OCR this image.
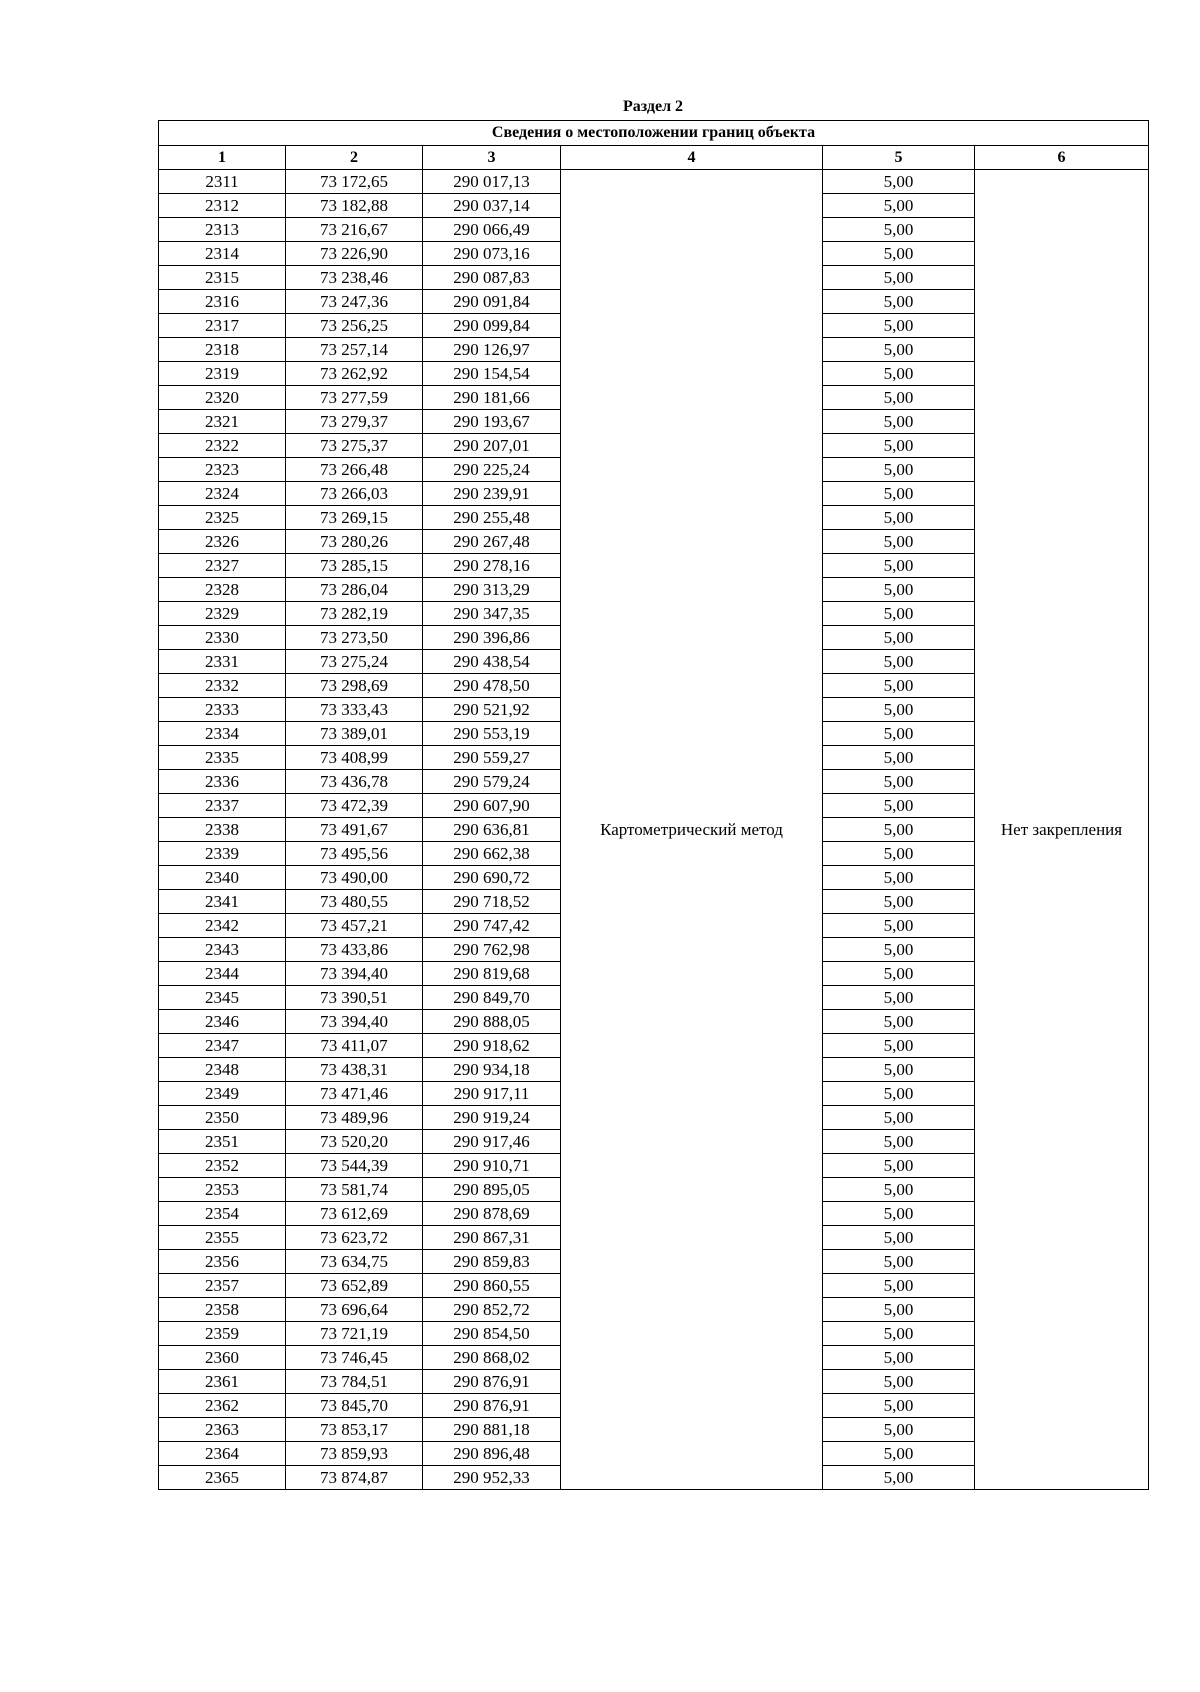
Раздел 2
Сведения о местоположении границ объекта					
1	2	3	4	5	6
2311	73 172,65	290 017,13	Картометрический метод	5,00	Нет закрепления
2312	73 182,88	290 037,14		5,00	
2313	73 216,67	290 066,49		5,00	
2314	73 226,90	290 073,16		5,00	
2315	73 238,46	290 087,83		5,00	
2316	73 247,36	290 091,84		5,00	
2317	73 256,25	290 099,84		5,00	
2318	73 257,14	290 126,97		5,00	
2319	73 262,92	290 154,54		5,00	
2320	73 277,59	290 181,66		5,00	
2321	73 279,37	290 193,67		5,00	
2322	73 275,37	290 207,01		5,00	
2323	73 266,48	290 225,24		5,00	
2324	73 266,03	290 239,91		5,00	
2325	73 269,15	290 255,48		5,00	
2326	73 280,26	290 267,48		5,00	
2327	73 285,15	290 278,16		5,00	
2328	73 286,04	290 313,29		5,00	
2329	73 282,19	290 347,35		5,00	
2330	73 273,50	290 396,86		5,00	
2331	73 275,24	290 438,54		5,00	
2332	73 298,69	290 478,50		5,00	
2333	73 333,43	290 521,92		5,00	
2334	73 389,01	290 553,19		5,00	
2335	73 408,99	290 559,27		5,00	
2336	73 436,78	290 579,24		5,00	
2337	73 472,39	290 607,90		5,00	
2338	73 491,67	290 636,81		5,00	
2339	73 495,56	290 662,38		5,00	
2340	73 490,00	290 690,72		5,00	
2341	73 480,55	290 718,52		5,00	
2342	73 457,21	290 747,42		5,00	
2343	73 433,86	290 762,98		5,00	
2344	73 394,40	290 819,68		5,00	
2345	73 390,51	290 849,70		5,00	
2346	73 394,40	290 888,05		5,00	
2347	73 411,07	290 918,62		5,00	
2348	73 438,31	290 934,18		5,00	
2349	73 471,46	290 917,11		5,00	
2350	73 489,96	290 919,24		5,00	
2351	73 520,20	290 917,46		5,00	
2352	73 544,39	290 910,71		5,00	
2353	73 581,74	290 895,05		5,00	
2354	73 612,69	290 878,69		5,00	
2355	73 623,72	290 867,31		5,00	
2356	73 634,75	290 859,83		5,00	
2357	73 652,89	290 860,55		5,00	
2358	73 696,64	290 852,72		5,00	
2359	73 721,19	290 854,50		5,00	
2360	73 746,45	290 868,02		5,00	
2361	73 784,51	290 876,91		5,00	
2362	73 845,70	290 876,91		5,00	
2363	73 853,17	290 881,18		5,00	
2364	73 859,93	290 896,48		5,00	
2365	73 874,87	290 952,33		5,00	
